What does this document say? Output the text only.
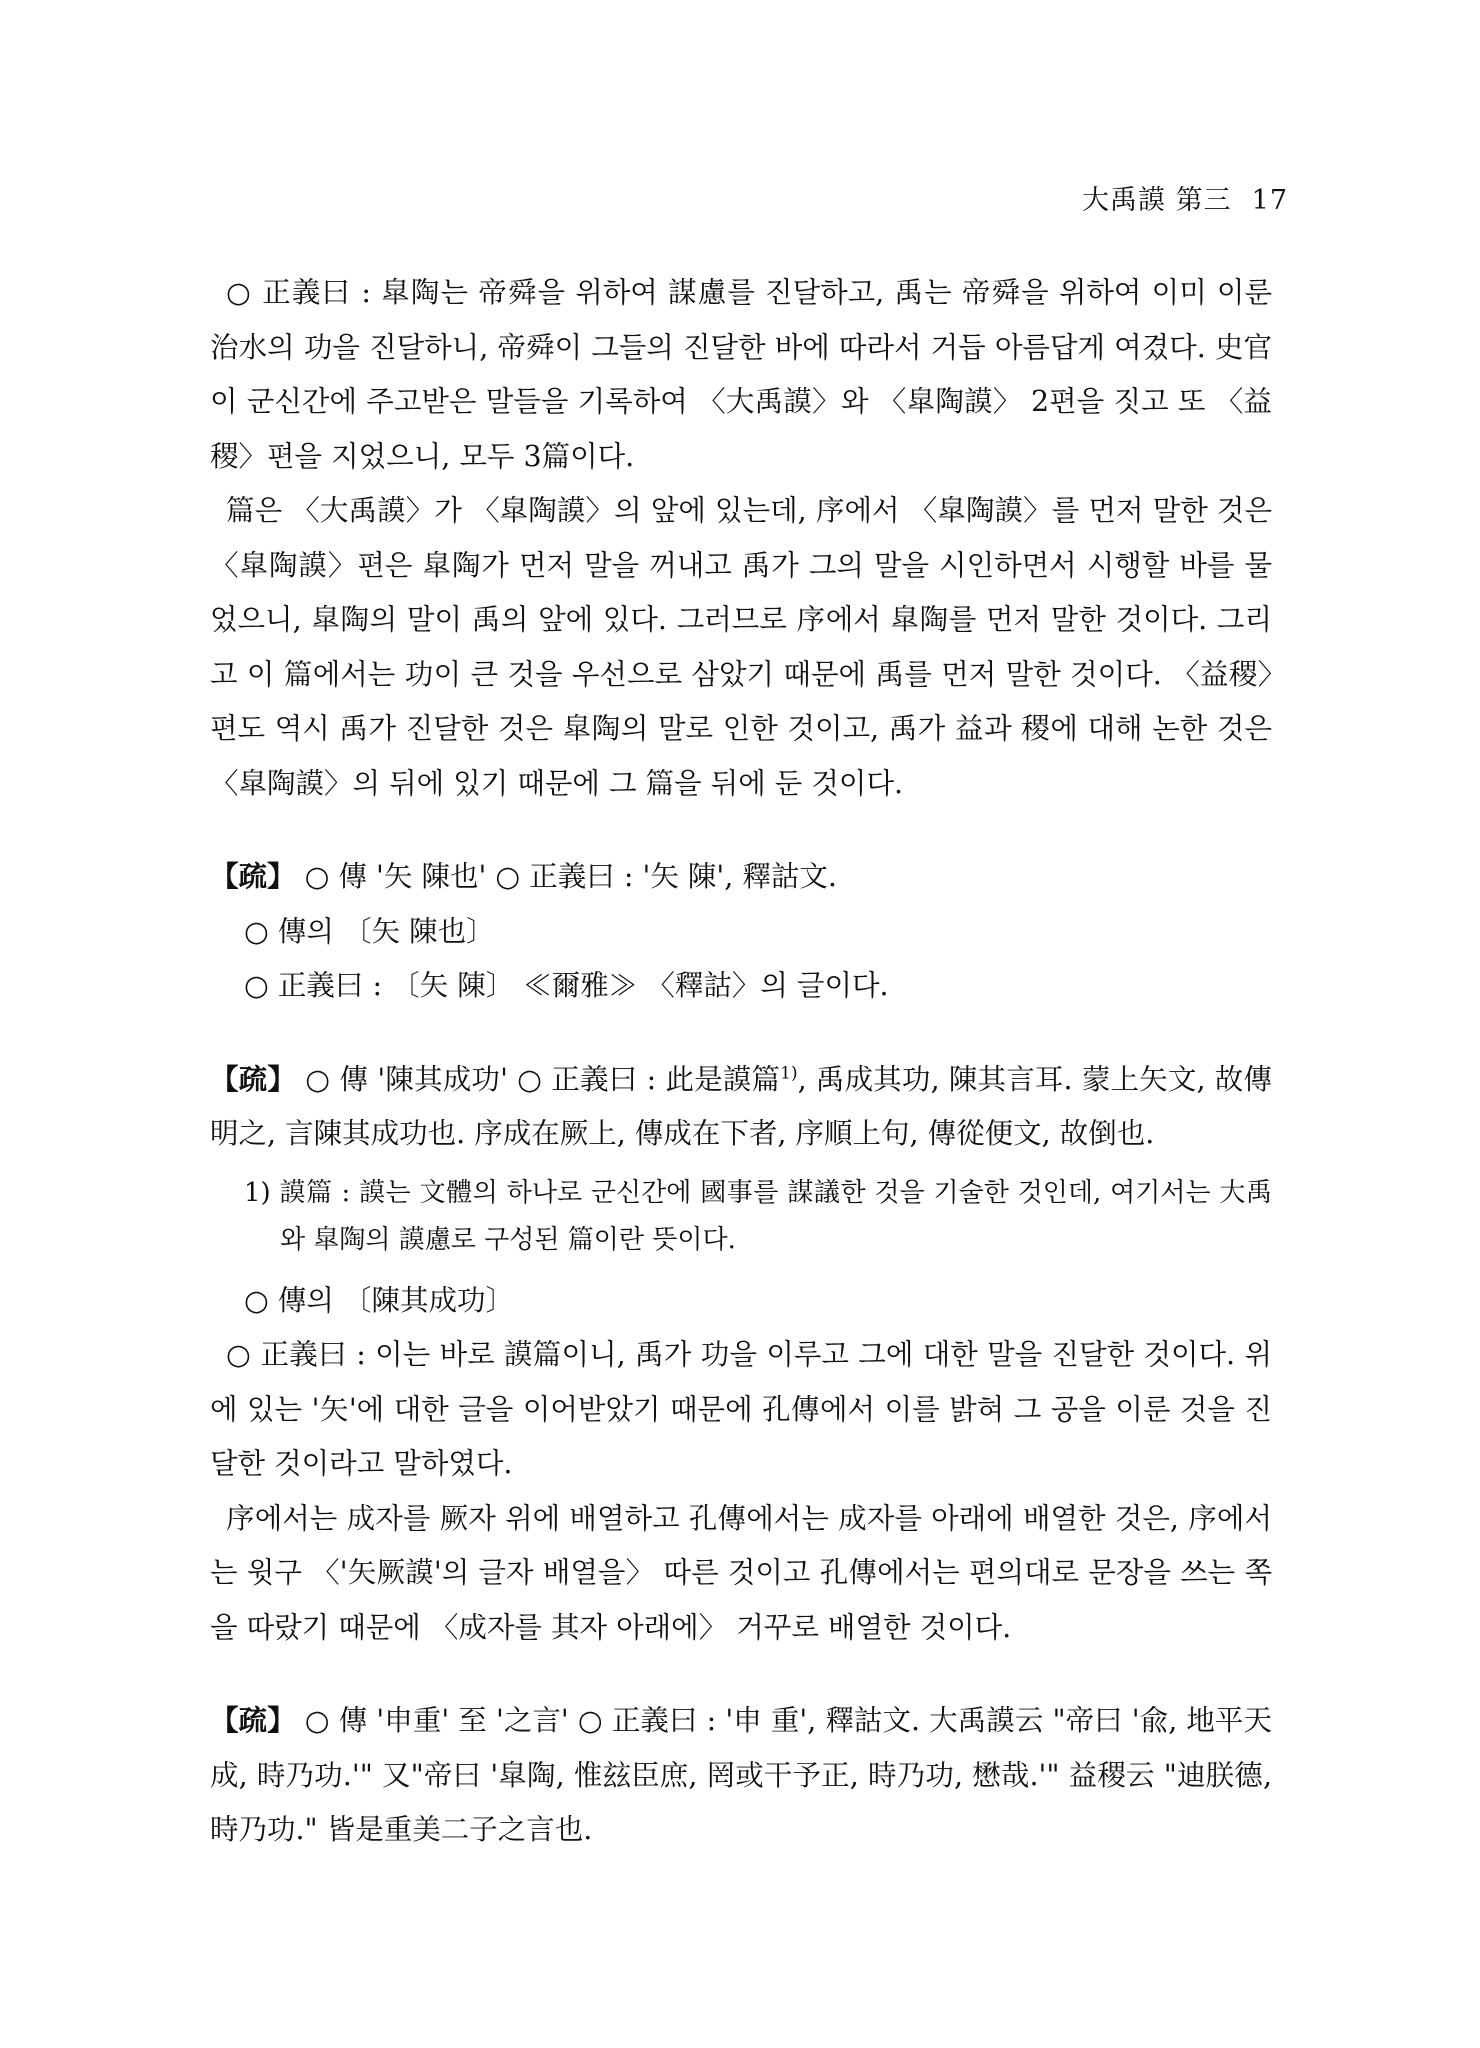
大禹謨 第三 17

○ 正義曰 : 皐陶는 帝舜을 위하여 謀慮를 진달하고, 禹는 帝舜을 위하여 이미 이룬 治水의 功을 진달하니, 帝舜이 그들의 진달한 바에 따라서 거듭 아름답게 여겼다. 史官이 군신간에 주고받은 말들을 기록하여 〈大禹謨〉와 〈皐陶謨〉 2편을 짓고 또 〈益稷〉편을 지었으니, 모두 3篇이다.

篇은 〈大禹謨〉가 〈皐陶謨〉의 앞에 있는데, 序에서 〈皐陶謨〉를 먼저 말한 것은 〈皐陶謨〉편은 皐陶가 먼저 말을 꺼내고 禹가 그의 말을 시인하면서 시행할 바를 물었으니, 皐陶의 말이 禹의 앞에 있다. 그러므로 序에서 皐陶를 먼저 말한 것이다. 그리고 이 篇에서는 功이 큰 것을 우선으로 삼았기 때문에 禹를 먼저 말한 것이다. 〈益稷〉편도 역시 禹가 진달한 것은 皐陶의 말로 인한 것이고, 禹가 益과 稷에 대해 논한 것은 〈皐陶謨〉의 뒤에 있기 때문에 그 篇을 뒤에 둔 것이다.

【疏】 ○ 傳 '矢 陳也' ○ 正義曰 : '矢 陳', 釋詁文.

○ 傳의 〔矢 陳也〕

○ 正義曰 : 〔矢 陳〕 ≪爾雅≫ 〈釋詁〉의 글이다.

【疏】 ○ 傳 '陳其成功' ○ 正義曰 : 此是謨篇$^{1)}$, 禹成其功, 陳其言耳. 蒙上矢文, 故傳明之, 言陳其成功也. 序成在厥上, 傳成在下者, 序順上句, 傳從便文, 故倒也.

1) 謨篇 : 謨는 文體의 하나로 군신간에 國事를 謀議한 것을 기술한 것인데, 여기서는 大禹와 皐陶의 謨慮로 구성된 篇이란 뜻이다.

○ 傳의 〔陳其成功〕

○ 正義曰 : 이는 바로 謨篇이니, 禹가 功을 이루고 그에 대한 말을 진달한 것이다. 위에 있는 '矢'에 대한 글을 이어받았기 때문에 孔傳에서 이를 밝혀 그 공을 이룬 것을 진달한 것이라고 말하였다.

序에서는 成자를 厥자 위에 배열하고 孔傳에서는 成자를 아래에 배열한 것은, 序에서는 윗구 〈'矢厥謨'의 글자 배열을〉 따른 것이고 孔傳에서는 편의대로 문장을 쓰는 쪽을 따랐기 때문에 〈成자를 其자 아래에〉 거꾸로 배열한 것이다.

【疏】 ○ 傳 '申重' 至 '之言' ○ 正義曰 : '申 重', 釋詁文. 大禹謨云 "帝曰 '兪, 地平天成, 時乃功.'" 又"帝曰 '皐陶, 惟玆臣庶, 罔或干予正, 時乃功, 懋哉.'" 益稷云 "迪朕德, 時乃功." 皆是重美二子之言也.
